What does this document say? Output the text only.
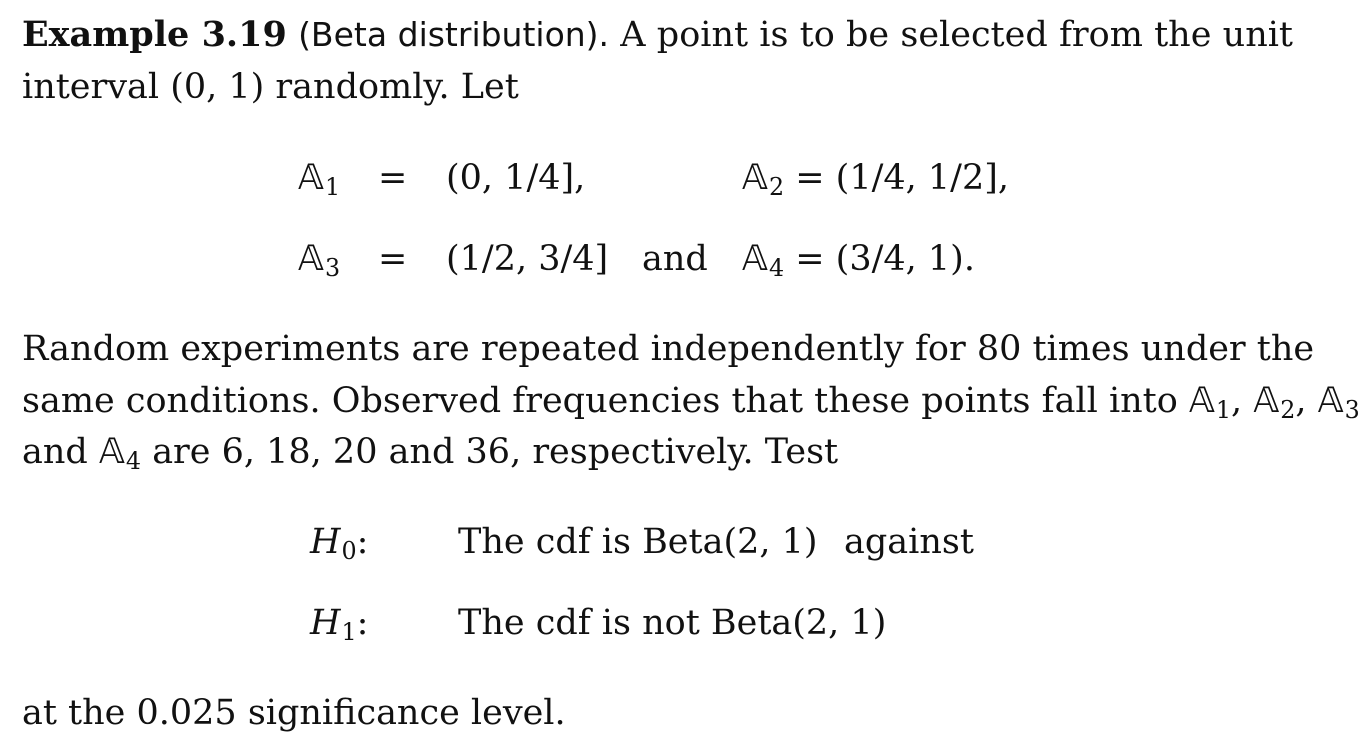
Example 3.19 (Beta distribution). A point is to be selected from the unit
interval (0, 1) randomly. Let
𝔸1 = (0, 1/4],	𝔸2 = (1/4, 1/2],
𝔸3 = (1/2, 3/4] and 𝔸4 = (3/4, 1).
Random experiments are repeated independently for 80 times under the
same conditions. Observed frequencies that these points fall into 𝔸1, 𝔸2, 𝔸3
and 𝔸4 are 6, 18, 20 and 36, respectively. Test
H0:	The cdf is Beta(2, 1) against
H1:	The cdf is not Beta(2, 1)
at the 0.025 significance level.
